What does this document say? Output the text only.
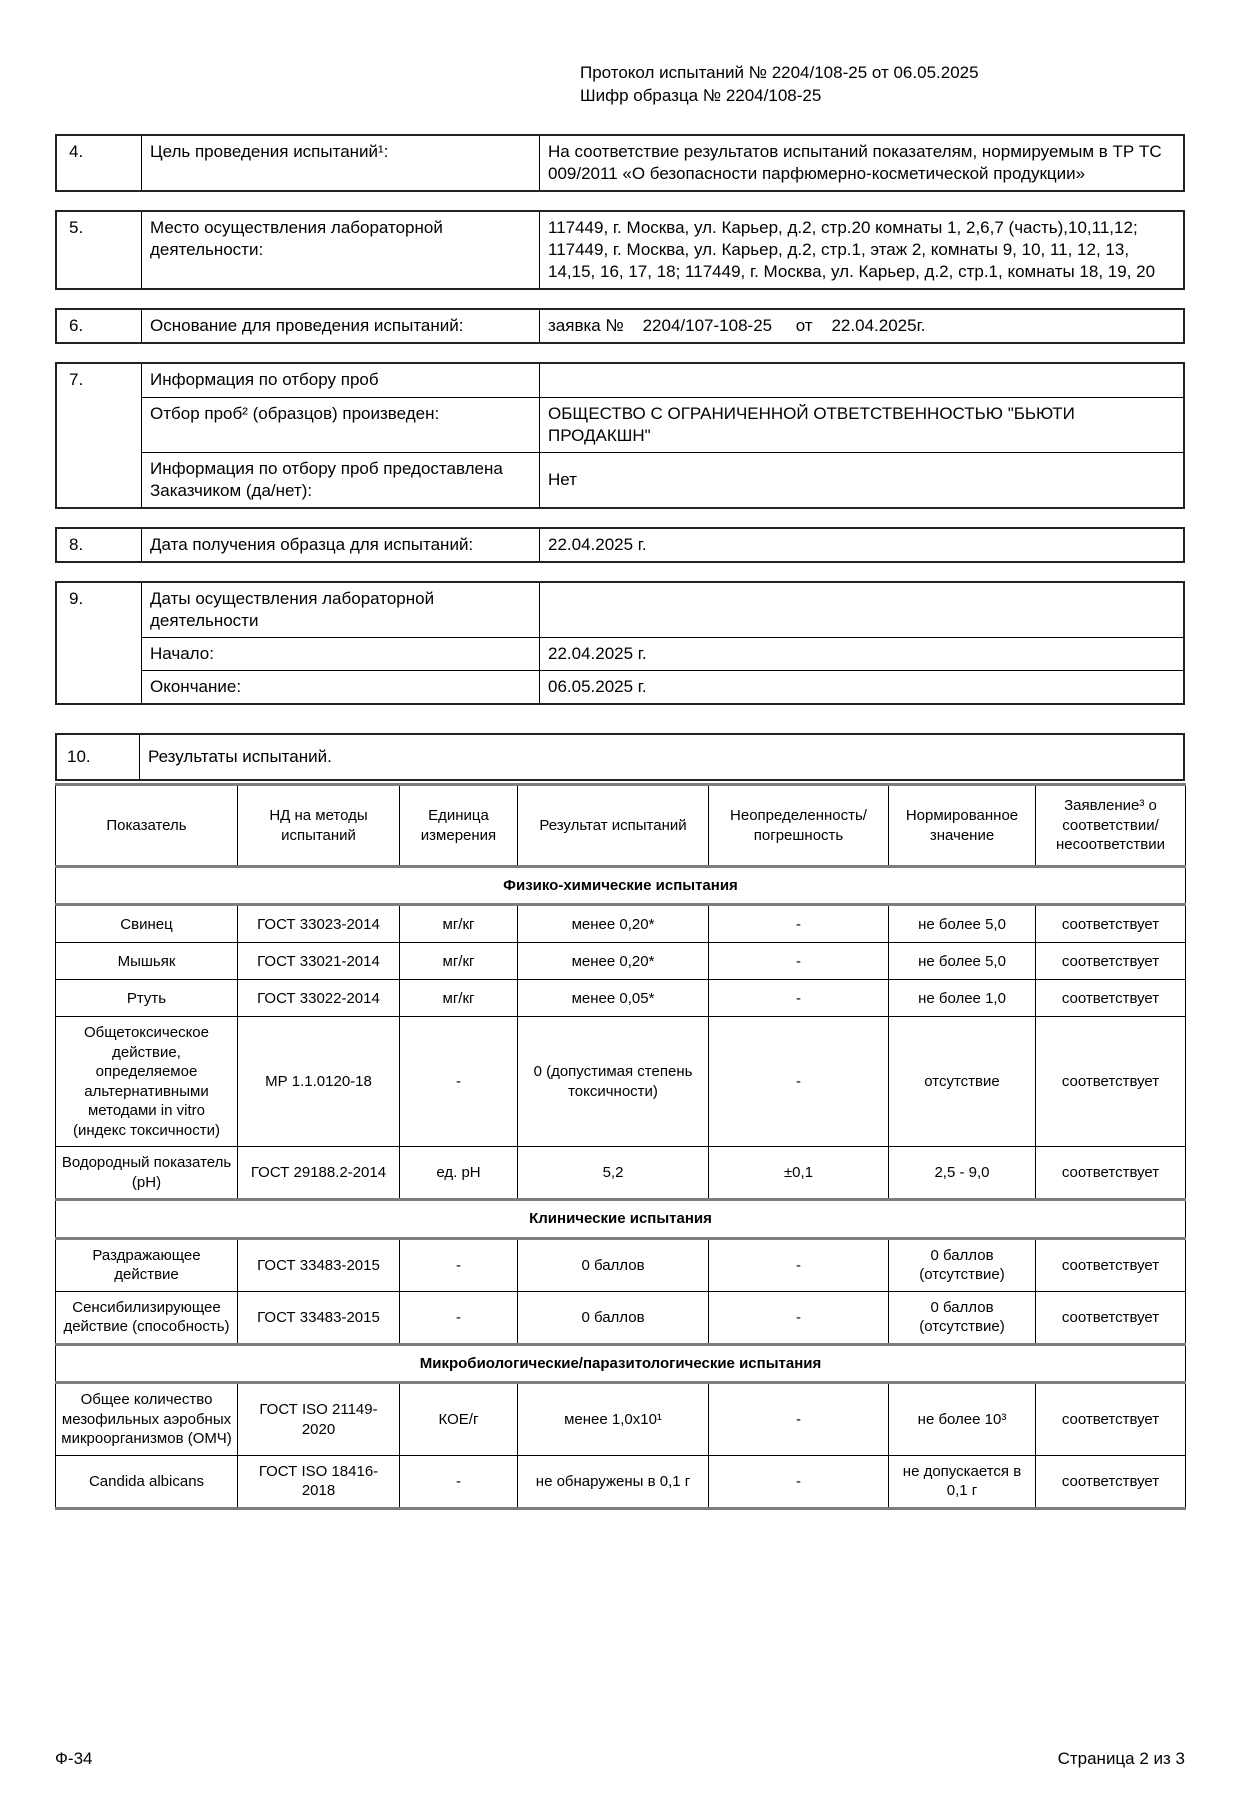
Протокол испытаний № 2204/108-25 от 06.05.2025
Шифр образца № 2204/108-25
4.	Цель проведения испытаний¹:	На соответствие результатов испытаний показателям, нормируемым в ТР ТС 009/2011 «О безопасности парфюмерно-косметической продукции»
5.	Место осуществления лабораторной деятельности:	117449, г. Москва, ул. Карьер, д.2, стр.20 комнаты 1, 2,6,7 (часть),10,11,12; 117449, г. Москва, ул. Карьер, д.2, стр.1, этаж 2, комнаты 9, 10, 11, 12, 13, 14,15, 16, 17, 18; 117449, г. Москва, ул. Карьер, д.2, стр.1, комнаты 18, 19, 20
6.	Основание для проведения испытаний:	заявка №    2204/107-108-25     от    22.04.2025г.
7.	Информация по отбору проб	
	Отбор проб² (образцов) произведен:	ОБЩЕСТВО С ОГРАНИЧЕННОЙ ОТВЕТСТВЕННОСТЬЮ "БЬЮТИ ПРОДАКШН"
	Информация по отбору проб предоставлена Заказчиком (да/нет):	Нет
8.	Дата получения образца для испытаний:	22.04.2025 г.
9.	Даты осуществления лабораторной деятельности	
	Начало:	22.04.2025 г.
	Окончание:	06.05.2025 г.
10.	Результаты испытаний.
Показатель	НД на методы испытаний	Единица измерения	Результат испытаний	Неопределенность/ погрешность	Нормированное значение	Заявление³ о соответствии/ несоответствии
Физико-химические испытания						
Свинец	ГОСТ 33023-2014	мг/кг	менее 0,20*	-	не более 5,0	соответствует
Мышьяк	ГОСТ 33021-2014	мг/кг	менее 0,20*	-	не более 5,0	соответствует
Ртуть	ГОСТ 33022-2014	мг/кг	менее 0,05*	-	не более 1,0	соответствует
Общетоксическое действие, определяемое альтернативными методами in vitro (индекс токсичности)	МР 1.1.0120-18	-	0 (допустимая степень токсичности)	-	отсутствие	соответствует
Водородный показатель (pH)	ГОСТ 29188.2-2014	ед. pH	5,2	±0,1	2,5 - 9,0	соответствует
Клинические испытания						
Раздражающее действие	ГОСТ 33483-2015	-	0 баллов	-	0 баллов (отсутствие)	соответствует
Сенсибилизирующее действие (способность)	ГОСТ 33483-2015	-	0 баллов	-	0 баллов (отсутствие)	соответствует
Микробиологические/паразитологические испытания						
Общее количество мезофильных аэробных микроорганизмов (ОМЧ)	ГОСТ ISO 21149-2020	КОЕ/г	менее 1,0x10¹	-	не более 10³	соответствует
Candida albicans	ГОСТ ISO 18416-2018	-	не обнаружены в 0,1 г	-	не допускается в 0,1 г	соответствует
Ф-34	Страница 2 из 3
